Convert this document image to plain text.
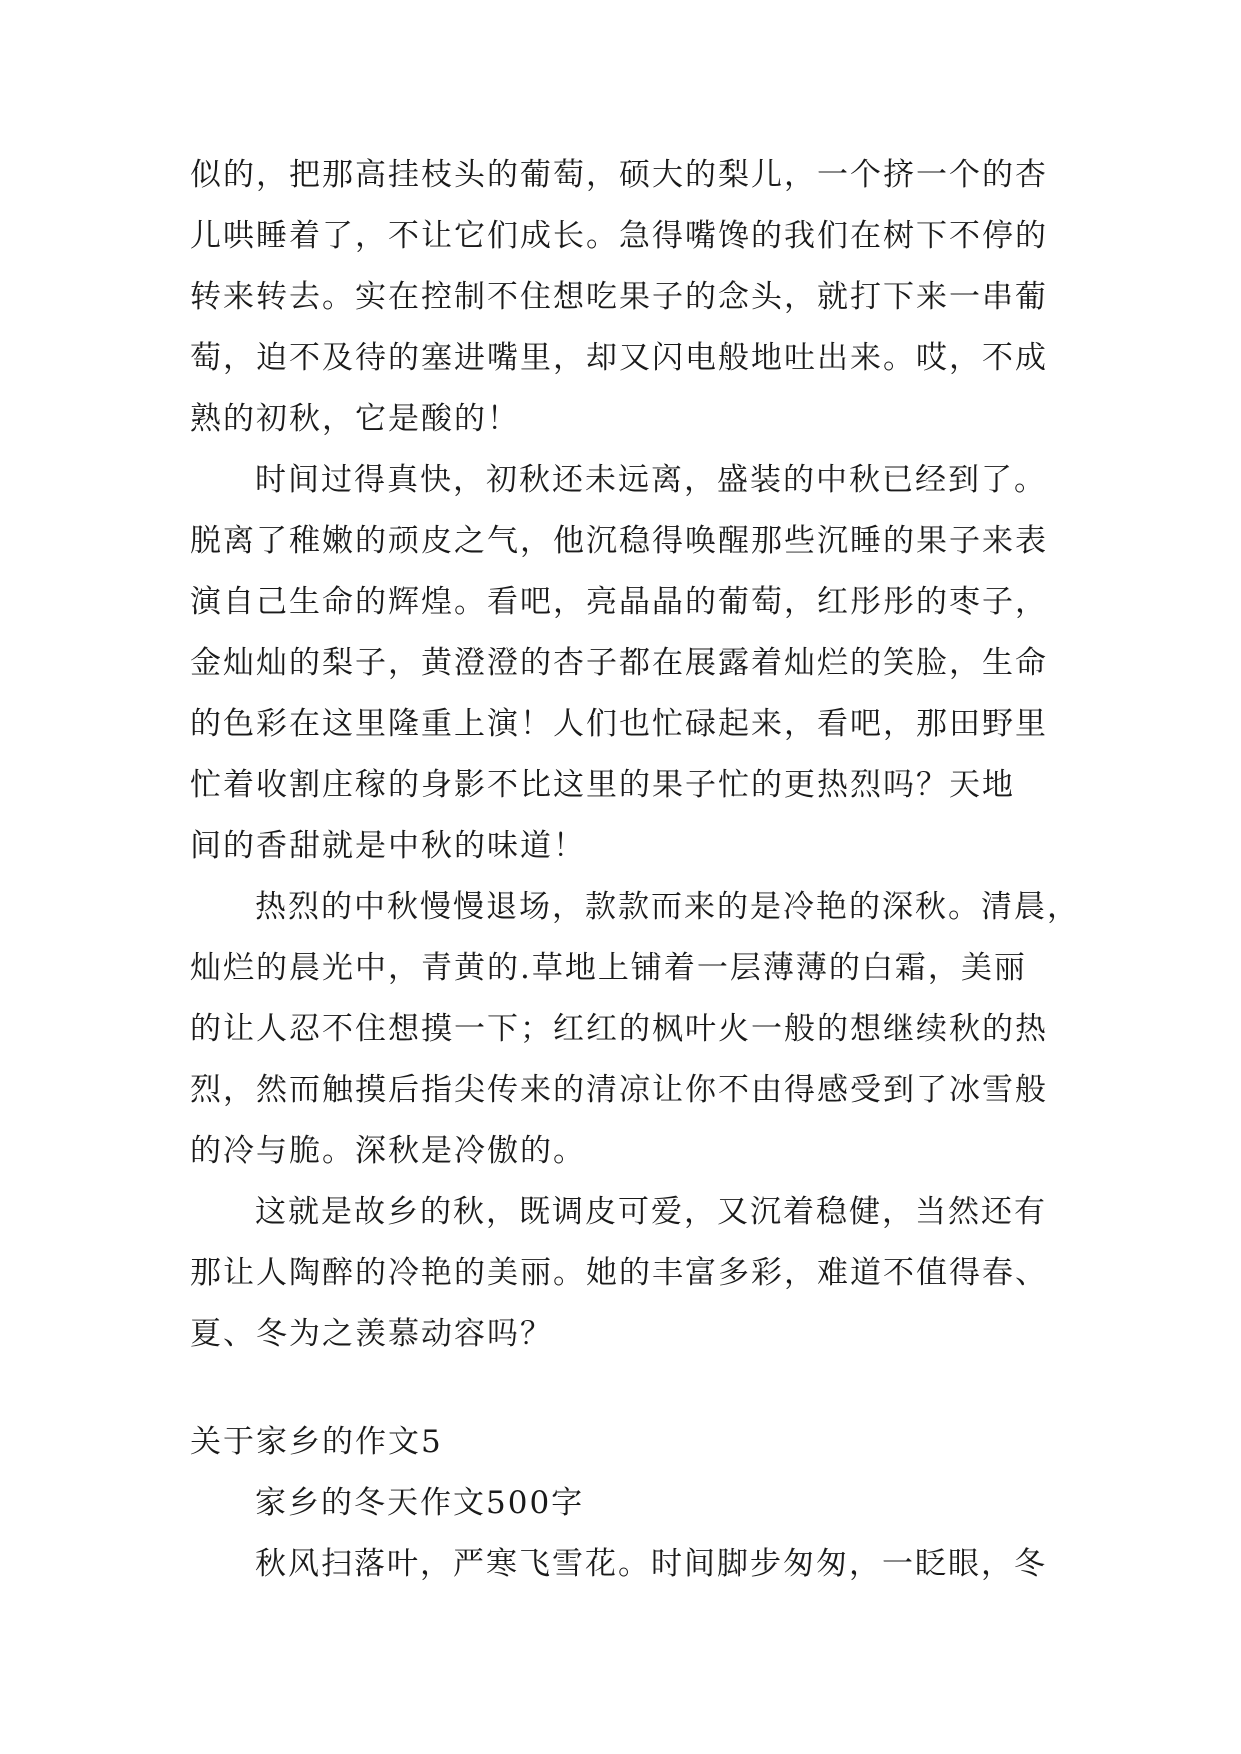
似的，把那高挂枝头的葡萄，硕大的梨儿，一个挤一个的杏
儿哄睡着了，不让它们成长。急得嘴馋的我们在树下不停的
转来转去。实在控制不住想吃果子的念头，就打下来一串葡
萄，迫不及待的塞进嘴里，却又闪电般地吐出来。哎，不成
熟的初秋，它是酸的！
时间过得真快，初秋还未远离，盛装的中秋已经到了。
脱离了稚嫩的顽皮之气，他沉稳得唤醒那些沉睡的果子来表
演自己生命的辉煌。看吧，亮晶晶的葡萄，红彤彤的枣子，
金灿灿的梨子，黄澄澄的杏子都在展露着灿烂的笑脸，生命
的色彩在这里隆重上演！人们也忙碌起来，看吧，那田野里
忙着收割庄稼的身影不比这里的果子忙的更热烈吗？天地
间的香甜就是中秋的味道！
热烈的中秋慢慢退场，款款而来的是冷艳的深秋。清晨，
灿烂的晨光中，青黄的.草地上铺着一层薄薄的白霜，美丽
的让人忍不住想摸一下；红红的枫叶火一般的想继续秋的热
烈，然而触摸后指尖传来的清凉让你不由得感受到了冰雪般
的冷与脆。深秋是冷傲的。
这就是故乡的秋，既调皮可爱，又沉着稳健，当然还有
那让人陶醉的冷艳的美丽。她的丰富多彩，难道不值得春、
夏、冬为之羡慕动容吗？
关于家乡的作文5
家乡的冬天作文500字
秋风扫落叶，严寒飞雪花。时间脚步匆匆，一眨眼，冬
